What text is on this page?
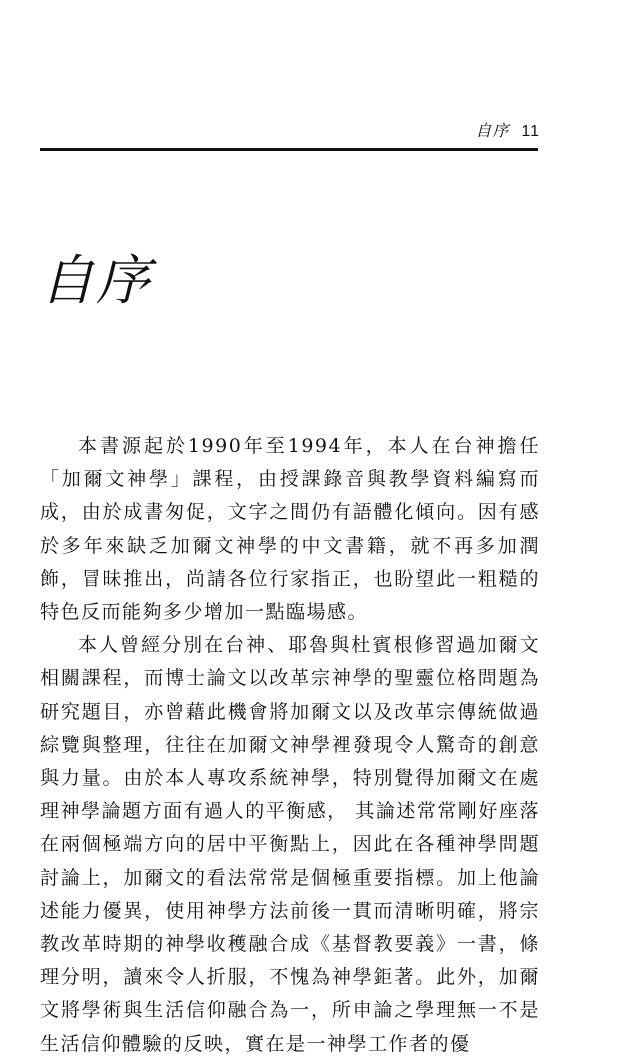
自序 11
自序

本書源起於1990年至1994年，本人在台神擔任「加爾文神學」課程，由授課錄音與教學資料編寫而成，由於成書匆促，文字之間仍有語體化傾向。因有感於多年來缺乏加爾文神學的中文書籍，就不再多加潤飾，冒昧推出，尚請各位行家指正，也盼望此一粗糙的特色反而能夠多少增加一點臨場感。

本人曾經分別在台神、耶魯與杜賓根修習過加爾文相關課程，而博士論文以改革宗神學的聖靈位格問題為研究題目，亦曾藉此機會將加爾文以及改革宗傳統做過綜覽與整理，往往在加爾文神學裡發現令人驚奇的創意與力量。由於本人專攻系統神學，特別覺得加爾文在處理神學論題方面有過人的平衡感， 其論述常常剛好座落在兩個極端方向的居中平衡點上，因此在各種神學問題討論上，加爾文的看法常常是個極重要指標。加上他論述能力優異，使用神學方法前後一貫而清晰明確，將宗教改革時期的神學收穫融合成《基督教要義》一書，條理分明，讀來令人折服，不愧為神學鉅著。此外，加爾文將學術與生活信仰融合為一，所申論之學理無一不是生活信仰體驗的反映，實在是一神學工作者的優
